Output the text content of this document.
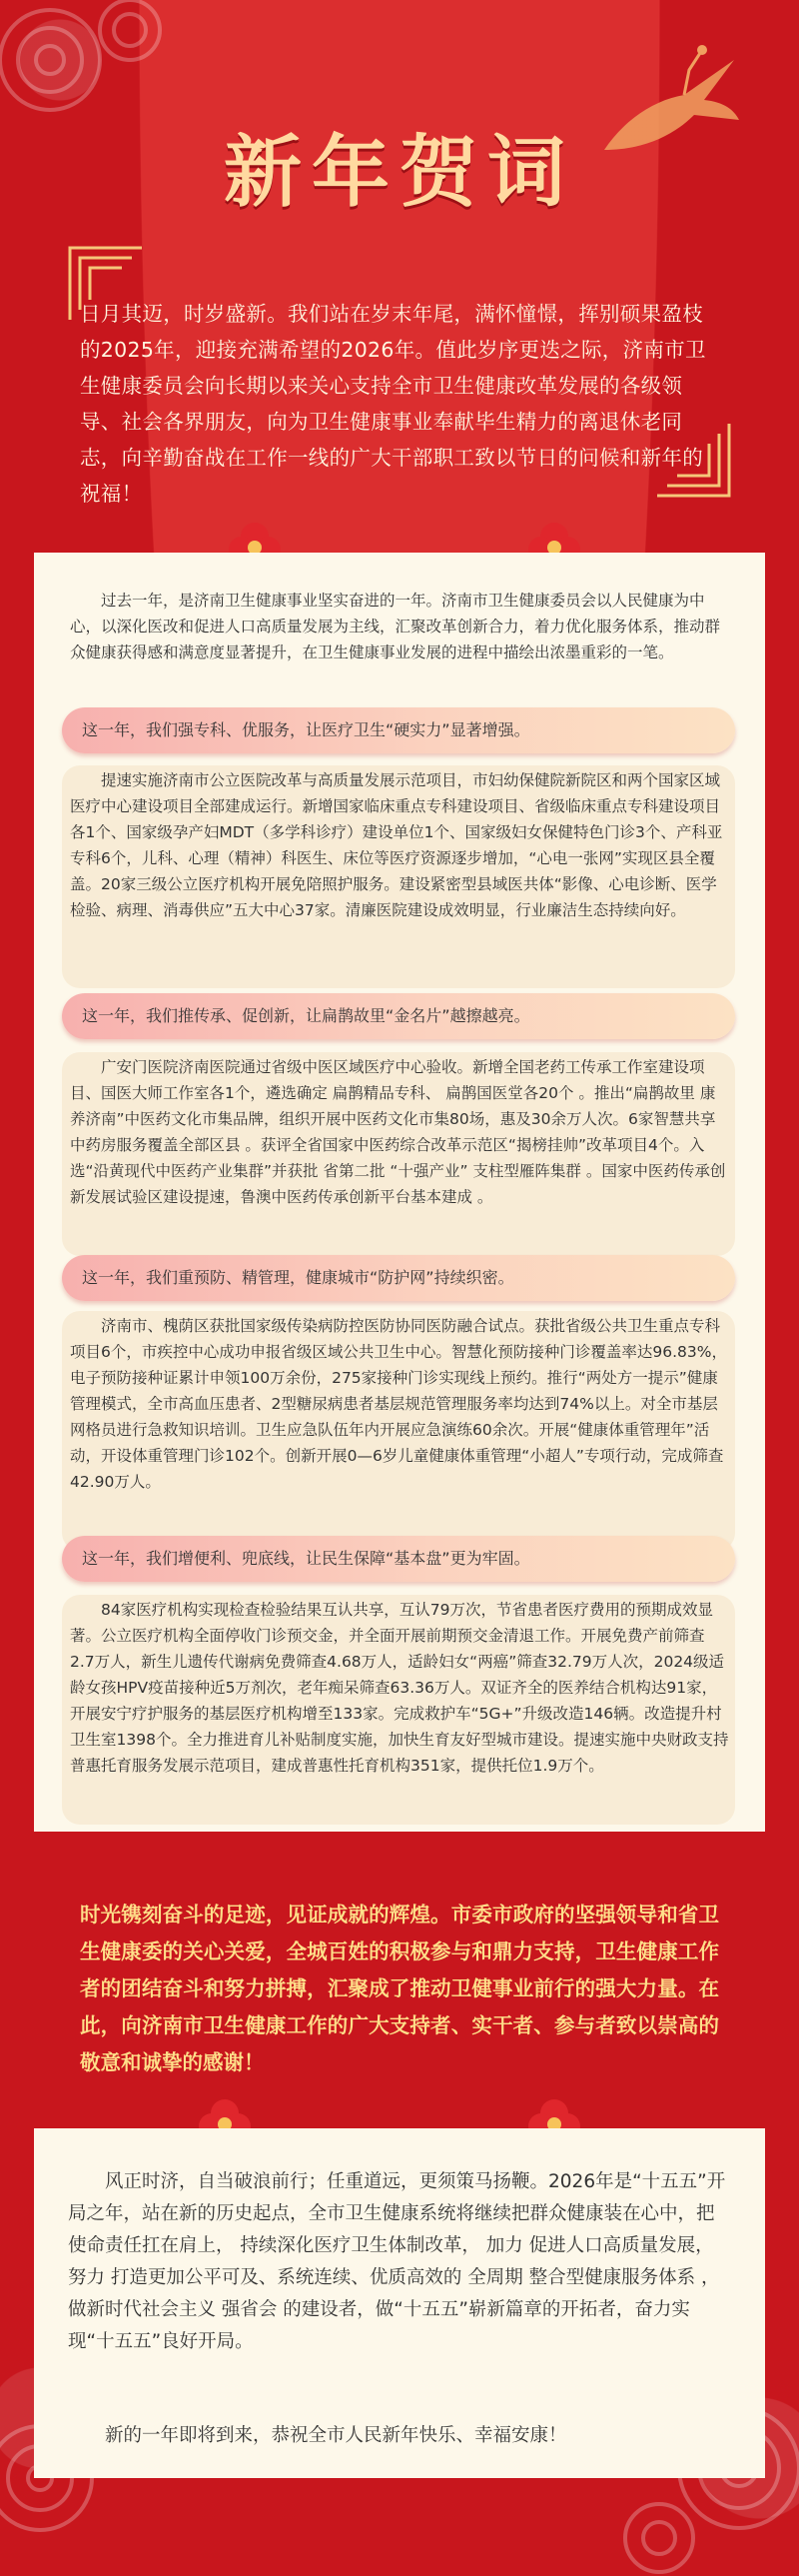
新年贺词

日月其迈，时岁盛新。我们站在岁末年尾，满怀憧憬，挥别硕果盈枝的2025年，迎接充满希望的2026年。值此岁序更迭之际，济南市卫生健康委员会向长期以来关心支持全市卫生健康改革发展的各级领导、社会各界朋友，向为卫生健康事业奉献毕生精力的离退休老同志，向辛勤奋战在工作一线的广大干部职工致以节日的问候和新年的祝福！

过去一年，是济南卫生健康事业坚实奋进的一年。济南市卫生健康委员会以人民健康为中心，以深化医改和促进人口高质量发展为主线，汇聚改革创新合力，着力优化服务体系，推动群众健康获得感和满意度显著提升，在卫生健康事业发展的进程中描绘出浓墨重彩的一笔。

这一年，我们强专科、优服务，让医疗卫生“硬实力”显著增强。

提速实施济南市公立医院改革与高质量发展示范项目，市妇幼保健院新院区和两个国家区域医疗中心建设项目全部建成运行。新增国家临床重点专科建设项目、省级临床重点专科建设项目各1个、国家级孕产妇MDT（多学科诊疗）建设单位1个、国家级妇女保健特色门诊3个、产科亚专科6个，儿科、心理（精神）科医生、床位等医疗资源逐步增加，“心电一张网”实现区县全覆盖。20家三级公立医疗机构开展免陪照护服务。建设紧密型县域医共体“影像、心电诊断、医学检验、病理、消毒供应”五大中心37家。清廉医院建设成效明显，行业廉洁生态持续向好。

这一年，我们推传承、促创新，让扁鹊故里“金名片”越擦越亮。

广安门医院济南医院通过省级中医区域医疗中心验收。新增全国老药工传承工作室建设项目、国医大师工作室各1个，遴选确定 扁鹊精品专科、 扁鹊国医堂各20个 。推出“扁鹊故里 康养济南”中医药文化市集品牌，组织开展中医药文化市集80场，惠及30余万人次。6家智慧共享中药房服务覆盖全部区县 。获评全省国家中医药综合改革示范区“揭榜挂帅”改革项目4个。入选“沿黄现代中医药产业集群”并获批 省第二批 “十强产业” 支柱型雁阵集群 。国家中医药传承创新发展试验区建设提速，鲁澳中医药传承创新平台基本建成 。

这一年，我们重预防、精管理，健康城市“防护网”持续织密。

济南市、槐荫区获批国家级传染病防控医防协同医防融合试点。获批省级公共卫生重点专科项目6个，市疾控中心成功申报省级区域公共卫生中心。智慧化预防接种门诊覆盖率达96.83%，电子预防接种证累计申领100万余份，275家接种门诊实现线上预约。推行“两处方一提示”健康管理模式，全市高血压患者、2型糖尿病患者基层规范管理服务率均达到74%以上。对全市基层网格员进行急救知识培训。卫生应急队伍年内开展应急演练60余次。开展“健康体重管理年”活动，开设体重管理门诊102个。创新开展0—6岁儿童健康体重管理“小超人”专项行动，完成筛查42.90万人。

这一年，我们增便利、兜底线，让民生保障“基本盘”更为牢固。

84家医疗机构实现检查检验结果互认共享，互认79万次，节省患者医疗费用的预期成效显著。公立医疗机构全面停收门诊预交金，并全面开展前期预交金清退工作。开展免费产前筛查2.7万人，新生儿遗传代谢病免费筛查4.68万人，适龄妇女“两癌”筛查32.79万人次，2024级适龄女孩HPV疫苗接种近5万剂次，老年痴呆筛查63.36万人。双证齐全的医养结合机构达91家，开展安宁疗护服务的基层医疗机构增至133家。完成救护车“5G+”升级改造146辆。改造提升村卫生室1398个。全力推进育儿补贴制度实施，加快生育友好型城市建设。提速实施中央财政支持普惠托育服务发展示范项目，建成普惠性托育机构351家，提供托位1.9万个。

时光镌刻奋斗的足迹，见证成就的辉煌。市委市政府的坚强领导和省卫生健康委的关心关爱，全城百姓的积极参与和鼎力支持，卫生健康工作者的团结奋斗和努力拼搏，汇聚成了推动卫健事业前行的强大力量。在此，向济南市卫生健康工作的广大支持者、实干者、参与者致以崇高的敬意和诚挚的感谢！

风正时济，自当破浪前行；任重道远，更须策马扬鞭。2026年是“十五五”开局之年，站在新的历史起点，全市卫生健康系统将继续把群众健康装在心中，把使命责任扛在肩上， 持续深化医疗卫生体制改革， 加力 促进人口高质量发展， 努力 打造更加公平可及、系统连续、优质高效的 全周期 整合型健康服务体系 ，做新时代社会主义 强省会 的建设者，做“十五五”崭新篇章的开拓者，奋力实现“十五五”良好开局。

新的一年即将到来，恭祝全市人民新年快乐、幸福安康！
